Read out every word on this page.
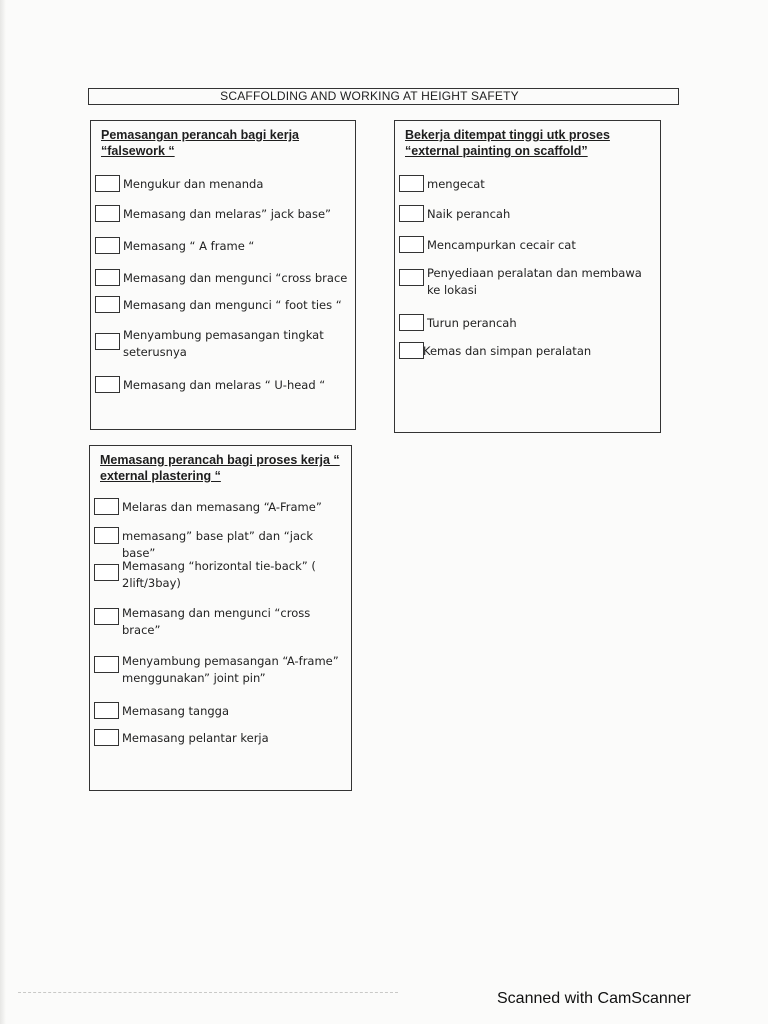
SCAFFOLDING AND WORKING AT HEIGHT SAFETY

Pemasangan perancah bagi kerja “falsework “

Mengukur dan menanda
Memasang dan melaras” jack base”
Memasang “ A frame “
Memasang dan mengunci “cross brace
Memasang dan mengunci “ foot ties “
Menyambung pemasangan tingkat seterusnya
Memasang dan melaras “ U-head “

Bekerja ditempat tinggi utk proses “external painting on scaffold”

mengecat
Naik perancah
Mencampurkan cecair cat
Penyediaan peralatan dan membawa ke lokasi
Turun perancah
Kemas dan simpan peralatan

Memasang perancah bagi proses kerja “ external plastering “

Melaras dan memasang “A-Frame”
memasang” base plat” dan “jack base”
Memasang “horizontal tie-back” ( 2lift/3bay)
Memasang dan mengunci “cross brace”
Menyambung pemasangan “A-frame” menggunakan” joint pin”
Memasang tangga
Memasang pelantar kerja
Scanned with CamScanner
